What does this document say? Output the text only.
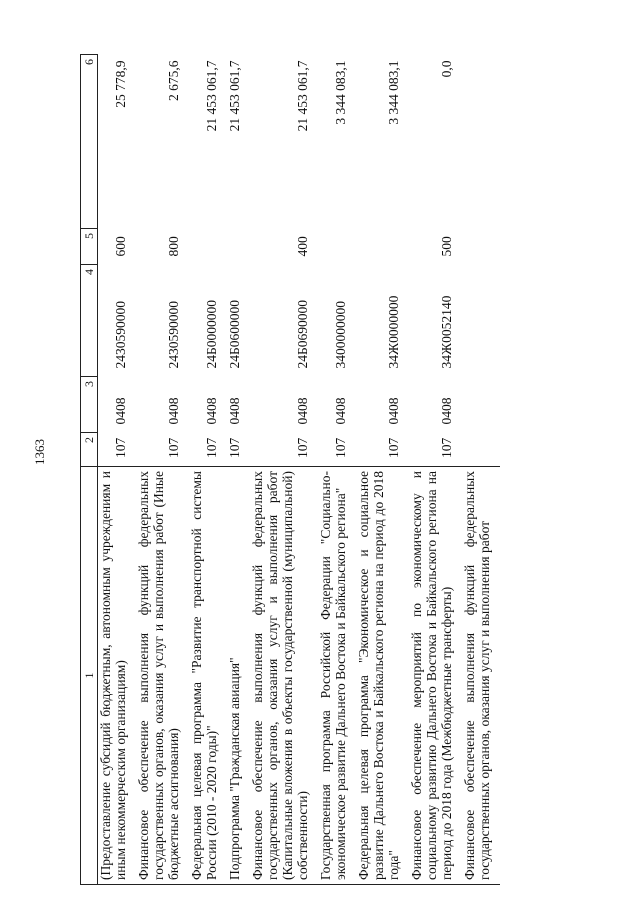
1363
1	2	3	4	5	6
(Предоставление субсидий бюджетным, автономным учреждениям и иным некоммерческим организациям)	107	0408	2430590000	600	25 778,9
Финансовое обеспечение выполнения функций федеральных государственных органов, оказания услуг и выполнения работ (Иные бюджетные ассигнования)	107	0408	2430590000	800	2 675,6
Федеральная целевая программа "Развитие транспортной системы России (2010 - 2020 годы)"	107	0408	24Б0000000		21 453 061,7
Подпрограмма "Гражданская авиация"	107	0408	24Б0600000		21 453 061,7
Финансовое обеспечение выполнения функций федеральных государственных органов, оказания услуг и выполнения работ (Капитальные вложения в объекты государственной (муниципальной) собственности)	107	0408	24Б0690000	400	21 453 061,7
Государственная программа Российской Федерации "Социально-экономическое развитие Дальнего Востока и Байкальского региона"	107	0408	3400000000		3 344 083,1
Федеральная целевая программа "Экономическое и социальное развитие Дальнего Востока и Байкальского региона на период до 2018 года"	107	0408	34Ж0000000		3 344 083,1
Финансовое обеспечение мероприятий по экономическому и социальному развитию Дальнего Востока и Байкальского региона на период до 2018 года (Межбюджетные трансферты)	107	0408	34Ж0052140	500	0,0
Финансовое обеспечение выполнения функций федеральных государственных органов, оказания услуг и выполнения работ					
